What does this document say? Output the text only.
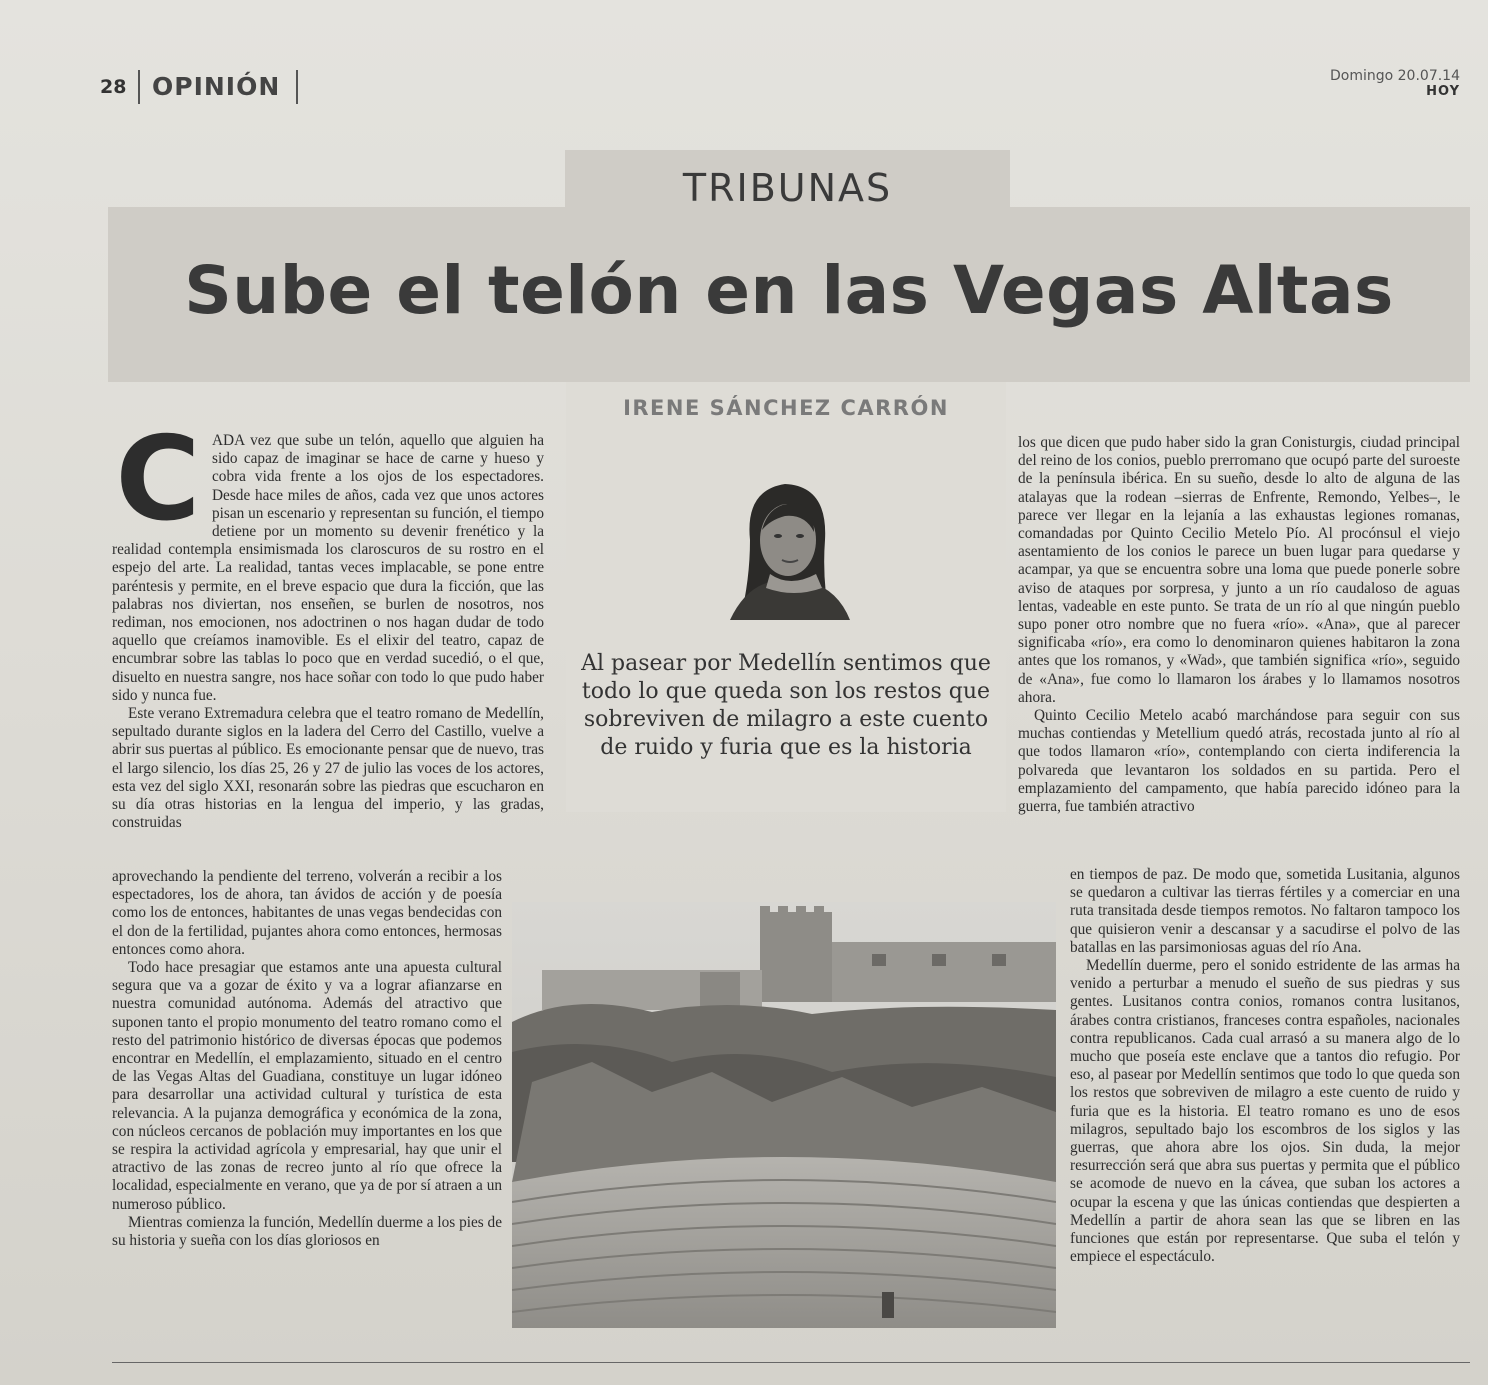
28 OPINIÓN	Domingo 20.07.14
HOY
TRIBUNAS
Sube el telón en las Vegas Altas
IRENE SÁNCHEZ CARRÓN

Al pasear por Medellín sentimos que todo lo que queda son los restos que sobreviven de milagro a este cuento de ruido y furia que es la historia

C ADA vez que sube un telón, aquello que alguien ha sido capaz de imaginar se hace de carne y hueso y cobra vida frente a los ojos de los espectadores. Desde hace miles de años, cada vez que unos actores pisan un escenario y representan su función, el tiempo detiene por un momento su devenir frenético y la realidad contempla ensimismada los claroscuros de su rostro en el espejo del arte. La realidad, tantas veces implacable, se pone entre paréntesis y permite, en el breve espacio que dura la ficción, que las palabras nos diviertan, nos enseñen, se burlen de nosotros, nos rediman, nos emocionen, nos adoctrinen o nos hagan dudar de todo aquello que creíamos inamovible. Es el elixir del teatro, capaz de encumbrar sobre las tablas lo poco que en verdad sucedió, o el que, disuelto en nuestra sangre, nos hace soñar con todo lo que pudo haber sido y nunca fue.

Este verano Extremadura celebra que el teatro romano de Medellín, sepultado durante siglos en la ladera del Cerro del Castillo, vuelve a abrir sus puertas al público. Es emocionante pensar que de nuevo, tras el largo silencio, los días 25, 26 y 27 de julio las voces de los actores, esta vez del siglo XXI, resonarán sobre las piedras que escucharon en su día otras historias en la lengua del imperio, y las gradas, construidas

aprovechando la pendiente del terreno, volverán a recibir a los espectadores, los de ahora, tan ávidos de acción y de poesía como los de entonces, habitantes de unas vegas bendecidas con el don de la fertilidad, pujantes ahora como entonces, hermosas entonces como ahora.

Todo hace presagiar que estamos ante una apuesta cultural segura que va a gozar de éxito y va a lograr afianzarse en nuestra comunidad autónoma. Además del atractivo que suponen tanto el propio monumento del teatro romano como el resto del patrimonio histórico de diversas épocas que podemos encontrar en Medellín, el emplazamiento, situado en el centro de las Vegas Altas del Guadiana, constituye un lugar idóneo para desarrollar una actividad cultural y turística de esta relevancia. A la pujanza demográfica y económica de la zona, con núcleos cercanos de población muy importantes en los que se respira la actividad agrícola y empresarial, hay que unir el atractivo de las zonas de recreo junto al río que ofrece la localidad, especialmente en verano, que ya de por sí atraen a un numeroso público.

Mientras comienza la función, Medellín duerme a los pies de su historia y sueña con los días gloriosos en

los que dicen que pudo haber sido la gran Conisturgis, ciudad principal del reino de los conios, pueblo prerromano que ocupó parte del suroeste de la península ibérica. En su sueño, desde lo alto de alguna de las atalayas que la rodean –sierras de Enfrente, Remondo, Yelbes–, le parece ver llegar en la lejanía a las exhaustas legiones romanas, comandadas por Quinto Cecilio Metelo Pío. Al procónsul el viejo asentamiento de los conios le parece un buen lugar para quedarse y acampar, ya que se encuentra sobre una loma que puede ponerle sobre aviso de ataques por sorpresa, y junto a un río caudaloso de aguas lentas, vadeable en este punto. Se trata de un río al que ningún pueblo supo poner otro nombre que no fuera «río». «Ana», que al parecer significaba «río», era como lo denominaron quienes habitaron la zona antes que los romanos, y «Wad», que también significa «río», seguido de «Ana», fue como lo llamaron los árabes y lo llamamos nosotros ahora.

Quinto Cecilio Metelo acabó marchándose para seguir con sus muchas contiendas y Metellium quedó atrás, recostada junto al río al que todos llamaron «río», contemplando con cierta indiferencia la polvareda que levantaron los soldados en su partida. Pero el emplazamiento del campamento, que había parecido idóneo para la guerra, fue también atractivo

en tiempos de paz. De modo que, sometida Lusitania, algunos se quedaron a cultivar las tierras fértiles y a comerciar en una ruta transitada desde tiempos remotos. No faltaron tampoco los que quisieron venir a descansar y a sacudirse el polvo de las batallas en las parsimoniosas aguas del río Ana.

Medellín duerme, pero el sonido estridente de las armas ha venido a perturbar a menudo el sueño de sus piedras y sus gentes. Lusitanos contra conios, romanos contra lusitanos, árabes contra cristianos, franceses contra españoles, nacionales contra republicanos. Cada cual arrasó a su manera algo de lo mucho que poseía este enclave que a tantos dio refugio. Por eso, al pasear por Medellín sentimos que todo lo que queda son los restos que sobreviven de milagro a este cuento de ruido y furia que es la historia. El teatro romano es uno de esos milagros, sepultado bajo los escombros de los siglos y las guerras, que ahora abre los ojos. Sin duda, la mejor resurrección será que abra sus puertas y permita que el público se acomode de nuevo en la cávea, que suban los actores a ocupar la escena y que las únicas contiendas que despierten a Medellín a partir de ahora sean las que se libren en las funciones que están por representarse. Que suba el telón y empiece el espectáculo.
